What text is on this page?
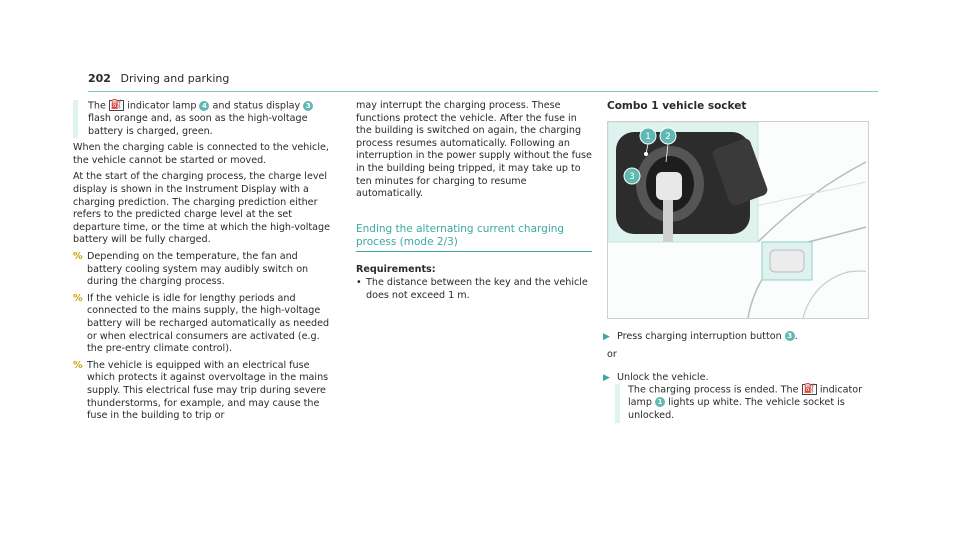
202 Driving and parking

The ⛽ indicator lamp 4 and status display 3 flash orange and, as soon as the high-voltage battery is charged, green.

When the charging cable is connected to the vehicle, the vehicle cannot be started or moved.

At the start of the charging process, the charge level display is shown in the Instrument Display with a charging prediction. The charging prediction either refers to the predicted charge level at the set departure time, or the time at which the high-voltage battery will be fully charged.

% Depending on the temperature, the fan and battery cooling system may audibly switch on during the charging process.
% If the vehicle is idle for lengthy periods and connected to the mains supply, the high-voltage battery will be recharged automatically as needed or when electrical consumers are activated (e.g. the pre-entry climate control).
% The vehicle is equipped with an electrical fuse which protects it against overvoltage in the mains supply. This electrical fuse may trip during severe thunderstorms, for example, and may cause the fuse in the building to trip or

may interrupt the charging process. These functions protect the vehicle. After the fuse in the building is switched on again, the charging process resumes automatically. Following an interruption in the power supply without the fuse in the building being tripped, it may take up to ten minutes for charging to resume automatically.

Ending the alternating current charging process (mode 2/3)
Requirements:
• The distance between the key and the vehicle does not exceed 1 m.
Combo 1 vehicle socket
1 2
3
▶ Press charging interruption button 3 .
or
▶ Unlock the vehicle.
The charging process is ended. The ⛽ indicator lamp 1 lights up white. The vehicle socket is unlocked.
